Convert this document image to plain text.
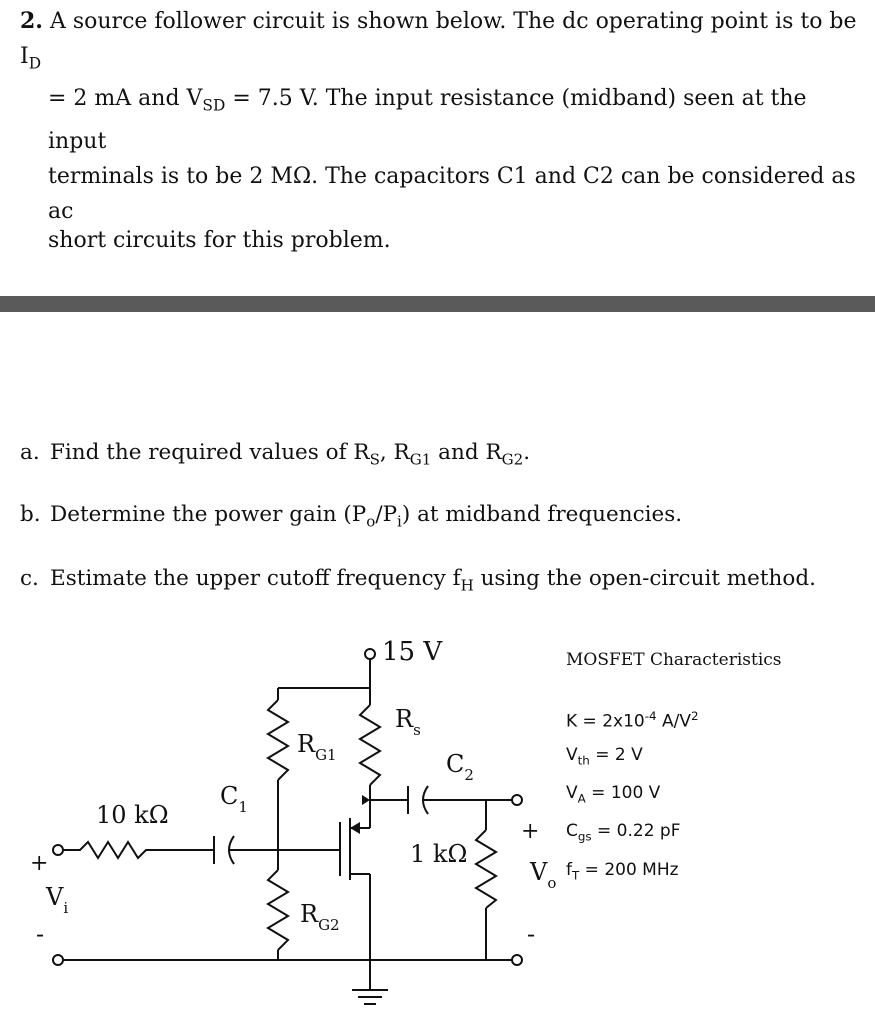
2. A source follower circuit is shown below. The dc operating point is to be $I_D$
= 2 mA and $V_{SD} = 7.5$ V. The input resistance (midband) seen at the input
terminals is to be 2 MΩ. The capacitors C1 and C2 can be considered as ac
short circuits for this problem.
a. Find the required values of $R_S$, $R_{G1}$ and $R_{G2}$.
b. Determine the power gain $(P_o/P_i)$ at midband frequencies.
c. Estimate the upper cutoff frequency $f_H$ using the open-circuit method.
15 V
$R_s$
$R_{G1}$
$R_{G2}$
$C_1$
$C_2$
10 kΩ
1 kΩ
+
-
$V_i$
+
-
$V_o$
MOSFET Characteristics
$K = 2x10^{-4}$ $A/V^2$
$V_{th} = 2$ V
$V_A = 100$ V
$C_{gs} = 0.22$ pF
$f_T = 200$ MHz
